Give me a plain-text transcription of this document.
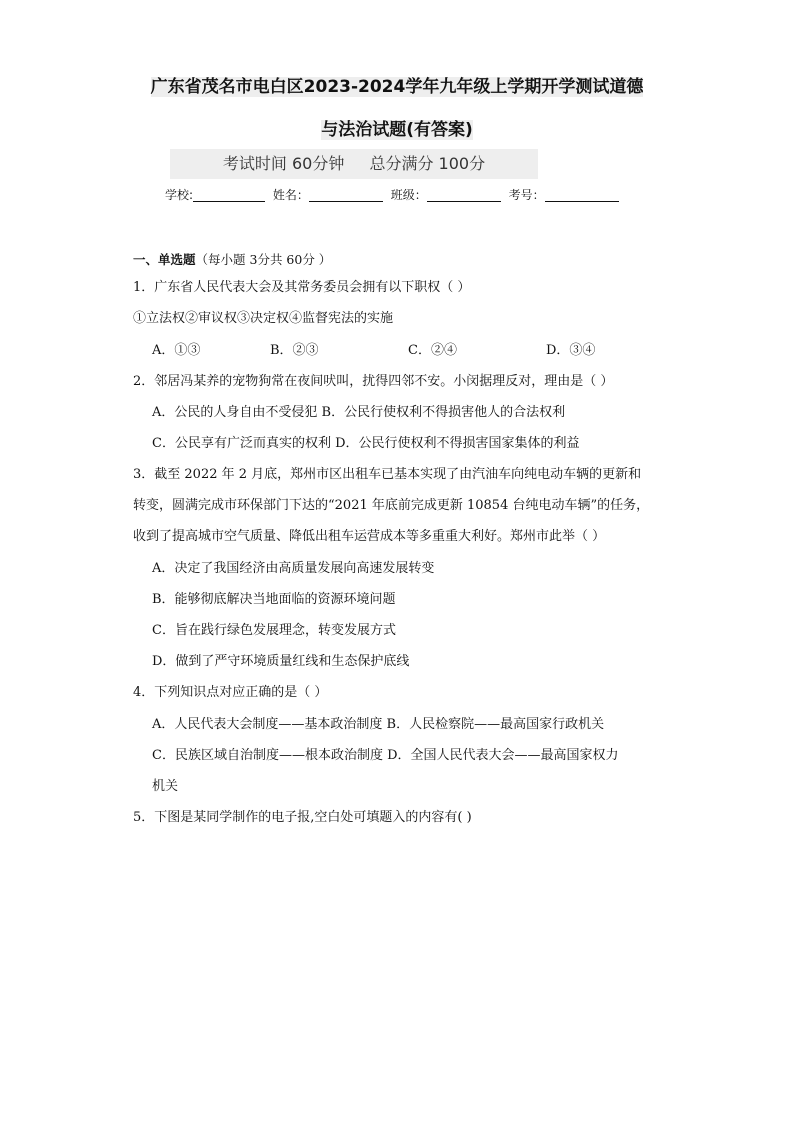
广东省茂名市电白区2023-2024学年九年级上学期开学测试道德
与法治试题(有答案)
考试时间 60分钟 总分满分 100分
学校:	姓名：	班级：	考号：
一、单选题（每小题 3分共 60分 ）
1．广东省人民代表大会及其常务委员会拥有以下职权（ ）
①立法权②审议权③决定权④监督宪法的实施
A．①③	B．②③	C．②④	D．③④
2．邻居冯某养的宠物狗常在夜间吠叫，扰得四邻不安。小闵据理反对，理由是（ ）
A．公民的人身自由不受侵犯 B．公民行使权利不得损害他人的合法权利
C．公民享有广泛而真实的权利 D．公民行使权利不得损害国家集体的利益
3．截至 2022 年 2 月底，郑州市区出租车已基本实现了由汽油车向纯电动车辆的更新和
转变，圆满完成市环保部门下达的“2021 年底前完成更新 10854 台纯电动车辆”的任务，
收到了提高城市空气质量、降低出租车运营成本等多重重大利好。郑州市此举（ ）
A．决定了我国经济由高质量发展向高速发展转变
B．能够彻底解决当地面临的资源环境问题
C．旨在践行绿色发展理念，转变发展方式
D．做到了严守环境质量红线和生态保护底线
4．下列知识点对应正确的是（ ）
A．人民代表大会制度——基本政治制度 B．人民检察院——最高国家行政机关
C．民族区域自治制度——根本政治制度 D．全国人民代表大会——最高国家权力
机关
5．下图是某同学制作的电子报,空白处可填题入的内容有( )
